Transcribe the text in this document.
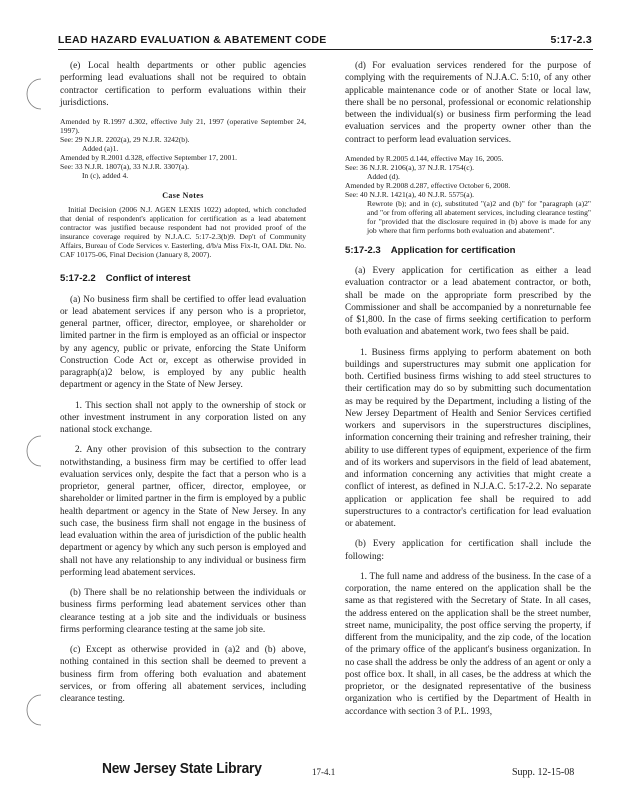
LEAD HAZARD EVALUATION & ABATEMENT CODE	5:17-2.3

(e) Local health departments or other public agencies performing lead evaluations shall not be required to obtain contractor certification to perform evaluations within their jurisdictions.

Amended by R.1997 d.302, effective July 21, 1997 (operative September 24, 1997).
See: 29 N.J.R. 2202(a), 29 N.J.R. 3242(b).
Added (a)1.
Amended by R.2001 d.328, effective September 17, 2001.
See: 33 N.J.R. 1807(a), 33 N.J.R. 3307(a).
In (c), added 4.
Case Notes
Initial Decision (2006 N.J. AGEN LEXIS 1022) adopted, which concluded that denial of respondent's application for certification as a lead abatement contractor was justified because respondent had not provided proof of the insurance coverage required by N.J.A.C. 5:17-2.3(b)9. Dep't of Community Affairs, Bureau of Code Services v. Easterling, d/b/a Miss Fix-It, OAL Dkt. No. CAF 10175-06, Final Decision (January 8, 2007).
5:17-2.2 Conflict of interest

(a) No business firm shall be certified to offer lead evaluation or lead abatement services if any person who is a proprietor, general partner, officer, director, employee, or shareholder or limited partner in the firm is employed as an official or inspector by any agency, public or private, enforcing the State Uniform Construction Code Act or, except as otherwise provided in paragraph(a)2 below, is employed by any public health department or agency in the State of New Jersey.

1. This section shall not apply to the ownership of stock or other investment instrument in any corporation listed on any national stock exchange.

2. Any other provision of this subsection to the contrary notwithstanding, a business firm may be certified to offer lead evaluation services only, despite the fact that a person who is a proprietor, general partner, officer, director, employee, or shareholder or limited partner in the firm is employed by a public health department or agency in the State of New Jersey. In any such case, the business firm shall not engage in the business of lead evaluation within the area of jurisdiction of the public health department or agency by which any such person is employed and shall not have any relationship to any individual or business firm performing lead abatement services.

(b) There shall be no relationship between the individuals or business firms performing lead abatement services other than clearance testing at a job site and the individuals or business firms performing clearance testing at the same job site.

(c) Except as otherwise provided in (a)2 and (b) above, nothing contained in this section shall be deemed to prevent a business firm from offering both evaluation and abatement services, or from offering all abatement services, including clearance testing.

(d) For evaluation services rendered for the purpose of complying with the requirements of N.J.A.C. 5:10, of any other applicable maintenance code or of another State or local law, there shall be no personal, professional or economic relationship between the individual(s) or business firm performing the lead evaluation services and the property owner other than the contract to perform lead evaluation services.

Amended by R.2005 d.144, effective May 16, 2005.
See: 36 N.J.R. 2106(a), 37 N.J.R. 1754(c).
Added (d).
Amended by R.2008 d.287, effective October 6, 2008.
See: 40 N.J.R. 1421(a), 40 N.J.R. 5575(a).
Rewrote (b); and in (c), substituted "(a)2 and (b)" for "paragraph (a)2" and "or from offering all abatement services, including clearance testing" for "provided that the disclosure required in (b) above is made for any job where that firm performs both evaluation and abatement".
5:17-2.3 Application for certification

(a) Every application for certification as either a lead evaluation contractor or a lead abatement contractor, or both, shall be made on the appropriate form prescribed by the Commissioner and shall be accompanied by a nonreturnable fee of $1,800. In the case of firms seeking certification to perform both evaluation and abatement work, two fees shall be paid.

1. Business firms applying to perform abatement on both buildings and superstructures may submit one application for both. Certified business firms wishing to add steel structures to their certification may do so by submitting such documentation as may be required by the Department, including a listing of the New Jersey Department of Health and Senior Services certified workers and supervisors in the superstructures disciplines, information concerning their training and refresher training, their ability to use different types of equipment, experience of the firm and of its workers and supervisors in the field of lead abatement, and information concerning any activities that might create a conflict of interest, as defined in N.J.A.C. 5:17-2.2. No separate application or application fee shall be required to add superstructures to a contractor's certification for lead evaluation or abatement.

(b) Every application for certification shall include the following:

1. The full name and address of the business. In the case of a corporation, the name entered on the application shall be the same as that registered with the Secretary of State. In all cases, the address entered on the application shall be the street number, street name, municipality, the post office serving the property, if different from the municipality, and the zip code, of the location of the primary office of the applicant's business organization. In no case shall the address be only the address of an agent or only a post office box. It shall, in all cases, be the address at which the proprietor, or the designated representative of the business organization who is certified by the Department of Health in accordance with section 3 of P.L. 1993,

New Jersey State Library	17-4.1	Supp. 12-15-08
